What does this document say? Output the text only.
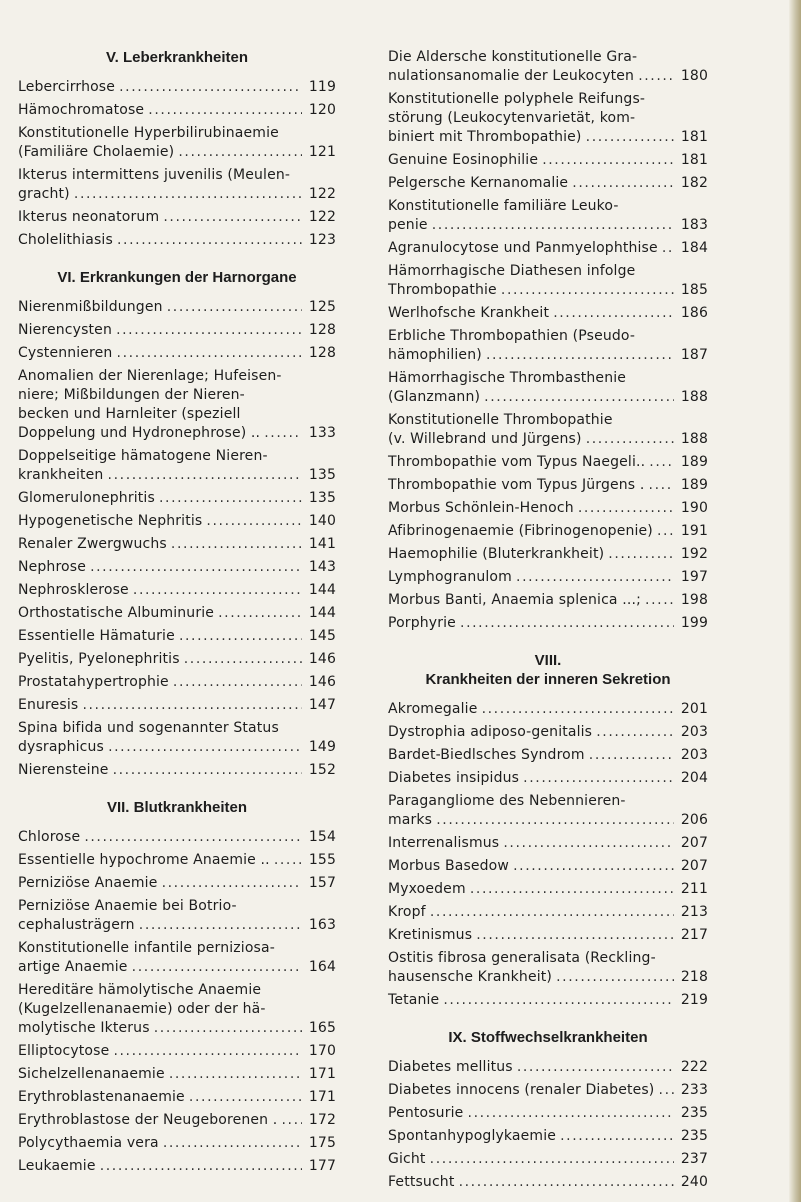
V. Leberkrankheiten
Lebercirrhose .....	119
Hämochromatose .....	120
Konstitutionelle Hyperbilirubinaemie
(Familiäre Cholaemie) .....	121
Ikterus intermittens juvenilis (Meulen-
gracht) .....	122
Ikterus neonatorum .....	122
Cholelithiasis .....	123
VI. Erkrankungen der Harnorgane
Nierenmißbildungen .....	125
Nierencysten .....	128
Cystennieren .....	128
Anomalien der Nierenlage; Hufeisen-
niere; Mißbildungen der Nieren-
becken und Harnleiter (speziell
Doppelung und Hydronephrose) .. .....	133
Doppelseitige hämatogene Nieren-
krankheiten .....	135
Glomerulonephritis .....	135
Hypogenetische Nephritis .....	140
Renaler Zwergwuchs .....	141
Nephrose .....	143
Nephrosklerose .....	144
Orthostatische Albuminurie .....	144
Essentielle Hämaturie .....	145
Pyelitis, Pyelonephritis .....	146
Prostatahypertrophie .....	146
Enuresis .....	147
Spina bifida und sogenannter Status
dysraphicus .....	149
Nierensteine .....	152
VII. Blutkrankheiten
Chlorose .....	154
Essentielle hypochrome Anaemie .. .....	155
Perniziöse Anaemie .....	157
Perniziöse Anaemie bei Botrio-
cephalusträgern .....	163
Konstitutionelle infantile perniziosa-
artige Anaemie .....	164
Hereditäre hämolytische Anaemie
(Kugelzellenanaemie) oder der hä-
molytische Ikterus .....	165
Elliptocytose .....	170
Sichelzellenanaemie .....	171
Erythroblastenanaemie .....	171
Erythroblastose der Neugeborenen . .....	172
Polycythaemia vera .....	175
Leukaemie .....	177
Die Aldersche konstitutionelle Gra-
nulationsanomalie der Leukocyten .....	180
Konstitutionelle polyphele Reifungs-
störung (Leukocytenvarietät, kom-
biniert mit Thrombopathie) .....	181
Genuine Eosinophilie .....	181
Pelgersche Kernanomalie .....	182
Konstitutionelle familiäre Leuko-
penie .....	183
Agranulocytose und Panmyelophthise .....	184
Hämorrhagische Diathesen infolge
Thrombopathie .....	185
Werlhofsche Krankheit .....	186
Erbliche Thrombopathien (Pseudo-
hämophilien) .....	187
Hämorrhagische Thrombasthenie
(Glanzmann) .....	188
Konstitutionelle Thrombopathie
(v. Willebrand und Jürgens) .....	188
Thrombopathie vom Typus Naegeli.. .....	189
Thrombopathie vom Typus Jürgens . .....	189
Morbus Schönlein-Henoch .....	190
Afibrinogenaemie (Fibrinogenopenie) .....	191
Haemophilie (Bluterkrankheit) .....	192
Lymphogranulom .....	197
Morbus Banti, Anaemia splenica ...; .....	198
Porphyrie .....	199
VIII.
Krankheiten der inneren Sekretion
Akromegalie .....	201
Dystrophia adiposo-genitalis .....	203
Bardet-Biedlsches Syndrom .....	203
Diabetes insipidus .....	204
Paragangliome des Nebennieren-
marks .....	206
Interrenalismus .....	207
Morbus Basedow .....	207
Myxoedem .....	211
Kropf .....	213
Kretinismus .....	217
Ostitis fibrosa generalisata (Reckling-
hausensche Krankheit) .....	218
Tetanie .....	219
IX. Stoffwechselkrankheiten
Diabetes mellitus .....	222
Diabetes innocens (renaler Diabetes) .....	233
Pentosurie .....	235
Spontanhypoglykaemie .....	235
Gicht .....	237
Fettsucht .....	240
